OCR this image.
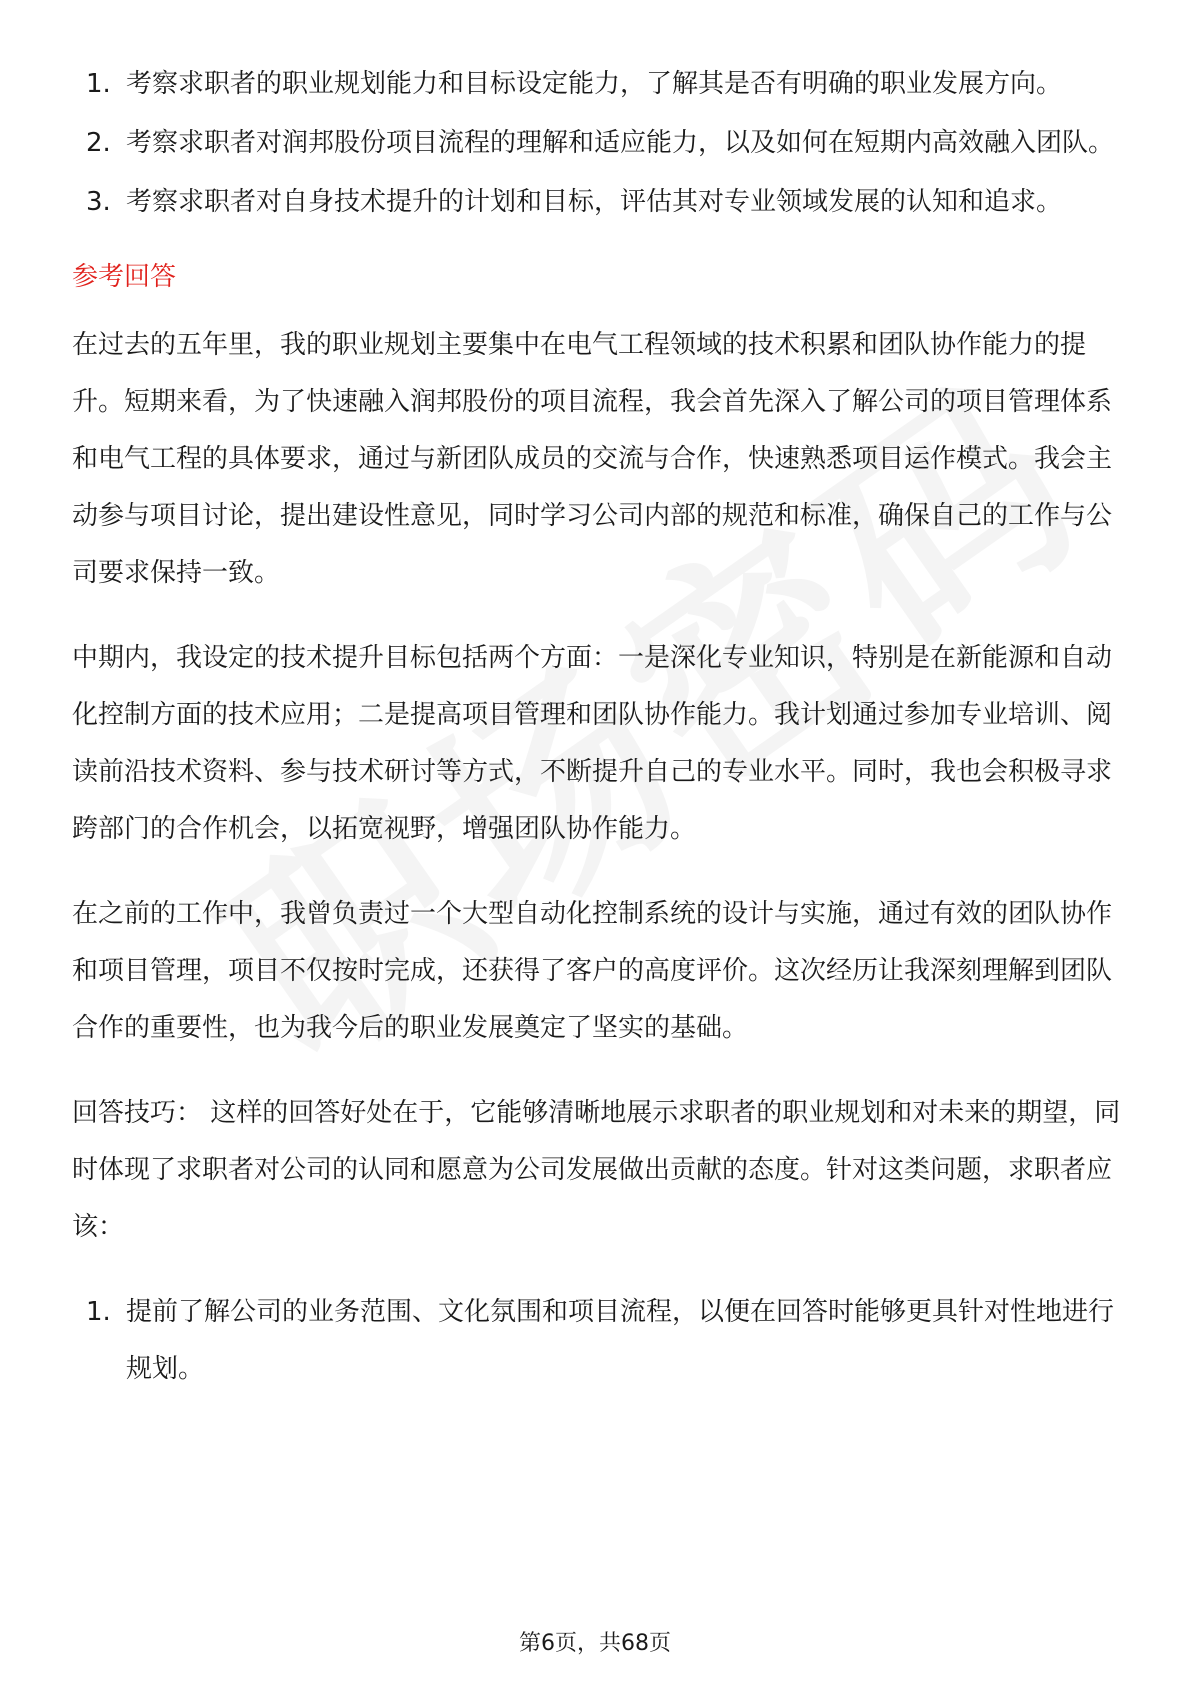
1. 考察求职者的职业规划能力和目标设定能力，了解其是否有明确的职业发展方向。
2. 考察求职者对润邦股份项目流程的理解和适应能力，以及如何在短期内高效融入团队。
3. 考察求职者对自身技术提升的计划和目标，评估其对专业领域发展的认知和追求。
参考回答

在过去的五年里，我的职业规划主要集中在电气工程领域的技术积累和团队协作能力的提升。短期来看，为了快速融入润邦股份的项目流程，我会首先深入了解公司的项目管理体系和电气工程的具体要求，通过与新团队成员的交流与合作，快速熟悉项目运作模式。我会主动参与项目讨论，提出建设性意见，同时学习公司内部的规范和标准，确保自己的工作与公司要求保持一致。

中期内，我设定的技术提升目标包括两个方面：一是深化专业知识，特别是在新能源和自动化控制方面的技术应用；二是提高项目管理和团队协作能力。我计划通过参加专业培训、阅读前沿技术资料、参与技术研讨等方式，不断提升自己的专业水平。同时，我也会积极寻求跨部门的合作机会，以拓宽视野，增强团队协作能力。

在之前的工作中，我曾负责过一个大型自动化控制系统的设计与实施，通过有效的团队协作和项目管理，项目不仅按时完成，还获得了客户的高度评价。这次经历让我深刻理解到团队合作的重要性，也为我今后的职业发展奠定了坚实的基础。

回答技巧： 这样的回答好处在于，它能够清晰地展示求职者的职业规划和对未来的期望，同时体现了求职者对公司的认同和愿意为公司发展做出贡献的态度。针对这类问题，求职者应该：

1. 提前了解公司的业务范围、文化氛围和项目流程，以便在回答时能够更具针对性地进行规划。
第6页，共68页
